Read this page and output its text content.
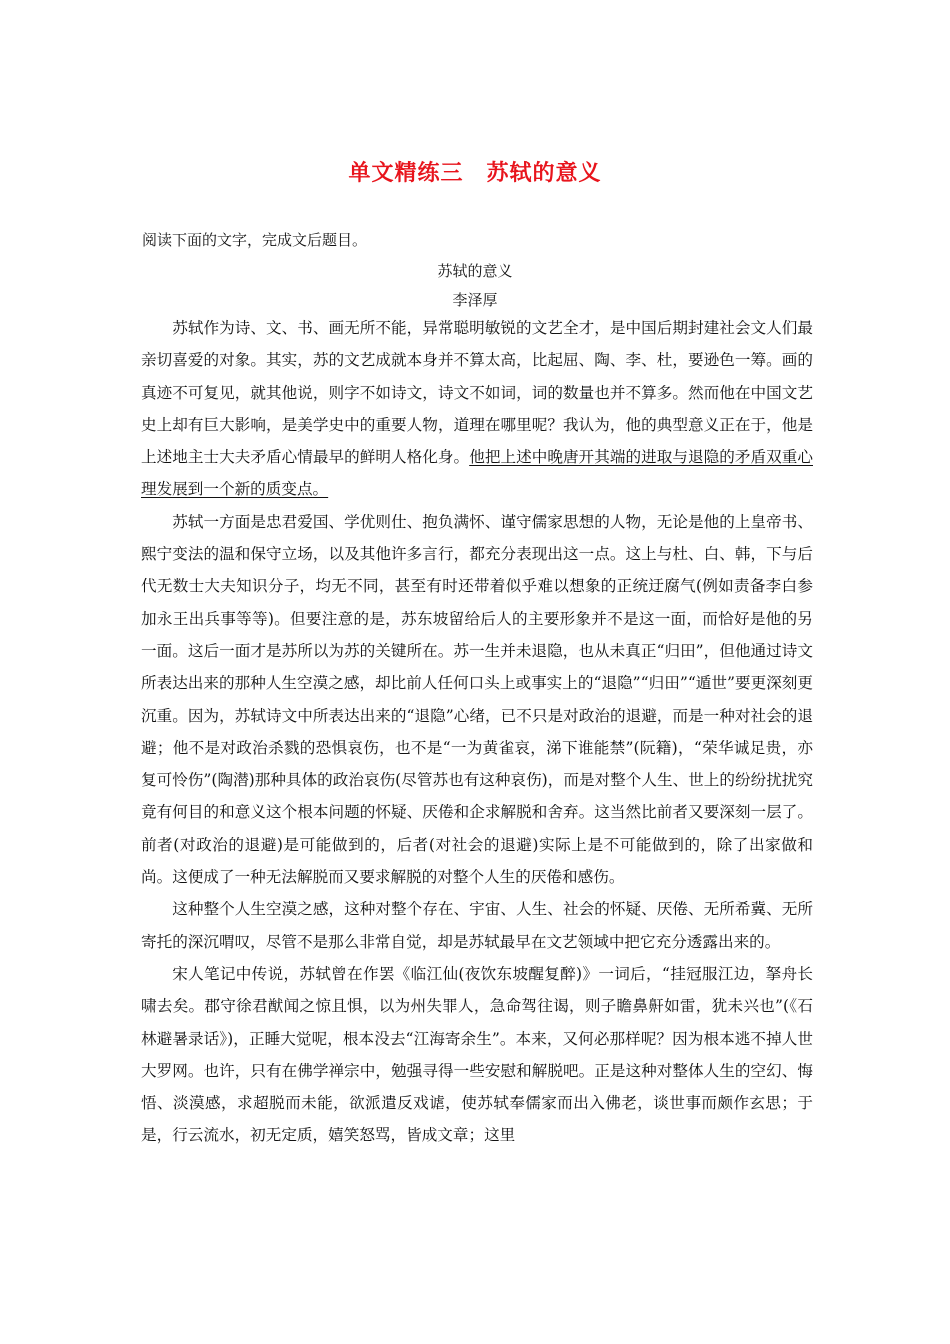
单文精练三　苏轼的意义
阅读下面的文字，完成文后题目。
苏轼的意义
李泽厚

苏轼作为诗、文、书、画无所不能，异常聪明敏锐的文艺全才，是中国后期封建社会文人们最亲切喜爱的对象。其实，苏的文艺成就本身并不算太高，比起屈、陶、李、杜，要逊色一筹。画的真迹不可复见，就其他说，则字不如诗文，诗文不如词，词的数量也并不算多。然而他在中国文艺史上却有巨大影响，是美学史中的重要人物，道理在哪里呢？我认为，他的典型意义正在于，他是上述地主士大夫矛盾心情最早的鲜明人格化身。他把上述中晚唐开其端的进取与退隐的矛盾双重心理发展到一个新的质变点。

苏轼一方面是忠君爱国、学优则仕、抱负满怀、谨守儒家思想的人物，无论是他的上皇帝书、熙宁变法的温和保守立场，以及其他许多言行，都充分表现出这一点。这上与杜、白、韩，下与后代无数士大夫知识分子，均无不同，甚至有时还带着似乎难以想象的正统迂腐气(例如责备李白参加永王出兵事等等)。但要注意的是，苏东坡留给后人的主要形象并不是这一面，而恰好是他的另一面。这后一面才是苏所以为苏的关键所在。苏一生并未退隐，也从未真正“归田”，但他通过诗文所表达出来的那种人生空漠之感，却比前人任何口头上或事实上的“退隐”“归田”“遁世”要更深刻更沉重。因为，苏轼诗文中所表达出来的“退隐”心绪，已不只是对政治的退避，而是一种对社会的退避；他不是对政治杀戮的恐惧哀伤，也不是“一为黄雀哀，涕下谁能禁”(阮籍)，“荣华诚足贵，亦复可怜伤”(陶潜)那种具体的政治哀伤(尽管苏也有这种哀伤)，而是对整个人生、世上的纷纷扰扰究竟有何目的和意义这个根本问题的怀疑、厌倦和企求解脱和舍弃。这当然比前者又要深刻一层了。前者(对政治的退避)是可能做到的，后者(对社会的退避)实际上是不可能做到的，除了出家做和尚。这便成了一种无法解脱而又要求解脱的对整个人生的厌倦和感伤。

这种整个人生空漠之感，这种对整个存在、宇宙、人生、社会的怀疑、厌倦、无所希冀、无所寄托的深沉喟叹，尽管不是那么非常自觉，却是苏轼最早在文艺领域中把它充分透露出来的。

宋人笔记中传说，苏轼曾在作罢《临江仙(夜饮东坡醒复醉)》一词后，“挂冠服江边，拏舟长啸去矣。郡守徐君猷闻之惊且惧，以为州失罪人，急命驾往谒，则子瞻鼻鼾如雷，犹未兴也”(《石林避暑录话》)，正睡大觉呢，根本没去“江海寄余生”。本来，又何必那样呢？因为根本逃不掉人世大罗网。也许，只有在佛学禅宗中，勉强寻得一些安慰和解脱吧。正是这种对整体人生的空幻、悔悟、淡漠感，求超脱而未能，欲派遣反戏谑，使苏轼奉儒家而出入佛老，谈世事而颇作玄思；于是，行云流水，初无定质，嬉笑怒骂，皆成文章；这里
